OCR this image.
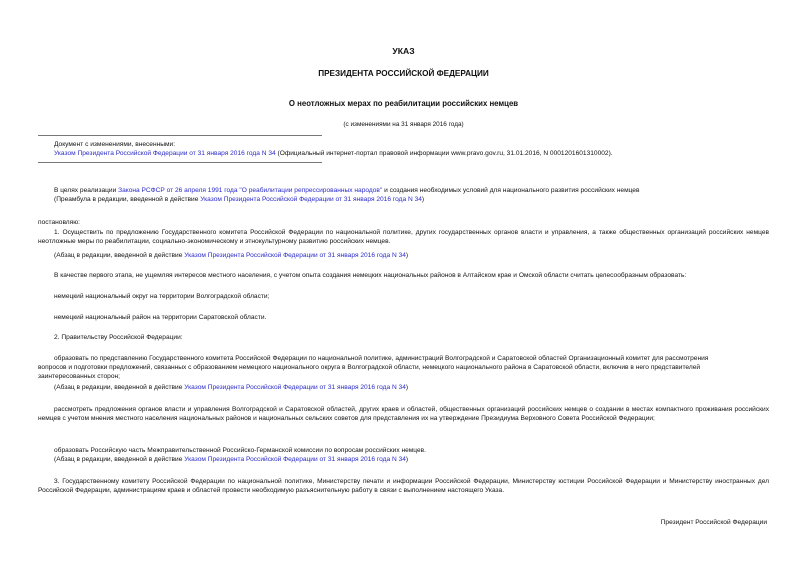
УКАЗ
ПРЕЗИДЕНТА РОССИЙСКОЙ ФЕДЕРАЦИИ
О неотложных мерах по реабилитации российских немцев
(с изменениями на 31 января 2016 года)
Документ с изменениями, внесенными:
Указом Президента Российской Федерации от 31 января 2016 года N 34 (Официальный интернет-портал правовой информации www.pravo.gov.ru, 31.01.2016, N 0001201601310002).
В целях реализации Закона РСФСР от 26 апреля 1991 года "О реабилитации репрессированных народов" и создания необходимых условий для национального развития российских немцев
(Преамбула в редакции, введенной в действие Указом Президента Российской Федерации от 31 января 2016 года N 34)
постановляю:
1. Осуществить по предложению Государственного комитета Российской Федерации по национальной политике, других государственных органов власти и управления, а также общественных организаций российских немцев неотложные меры по реабилитации, социально-экономическому и этнокультурному развитию российских немцев.
(Абзац в редакции, введенной в действие Указом Президента Российской Федерации от 31 января 2016 года N 34)
В качестве первого этапа, не ущемляя интересов местного населения, с учетом опыта создания немецких национальных районов в Алтайском крае и Омской области считать целесообразным образовать:
немецкий национальный округ на территории Волгоградской области;
немецкий национальный район на территории Саратовской области.
2. Правительству Российской Федерации:
образовать по представлению Государственного комитета Российской Федерации по национальной политике, администраций Волгоградской и Саратовской областей Организационный комитет для рассмотрения
вопросов и подготовки предложений, связанных с образованием немецкого национального округа в Волгоградской области, немецкого национального района в Саратовской области, включив в него представителей
заинтересованных сторон;
(Абзац в редакции, введенной в действие Указом Президента Российской Федерации от 31 января 2016 года N 34)
рассмотреть предложения органов власти и управления Волгоградской и Саратовской областей, других краев и областей, общественных организаций российских немцев о создании в местах компактного проживания российских немцев с учетом мнения местного населения национальных районов и национальных сельских советов для представления их на утверждение Президиума Верховного Совета Российской Федерации;
образовать Российскую часть Межправительственной Российско-Германской комиссии по вопросам российских немцев.
(Абзац в редакции, введенной в действие Указом Президента Российской Федерации от 31 января 2016 года N 34)
3. Государственному комитету Российской Федерации по национальной политике, Министерству печати и информации Российской Федерации, Министерству юстиции Российской Федерации и Министерству иностранных дел Российской Федерации, администрациям краев и областей провести необходимую разъяснительную работу в связи с выполнением настоящего Указа.
Президент Российской Федерации
